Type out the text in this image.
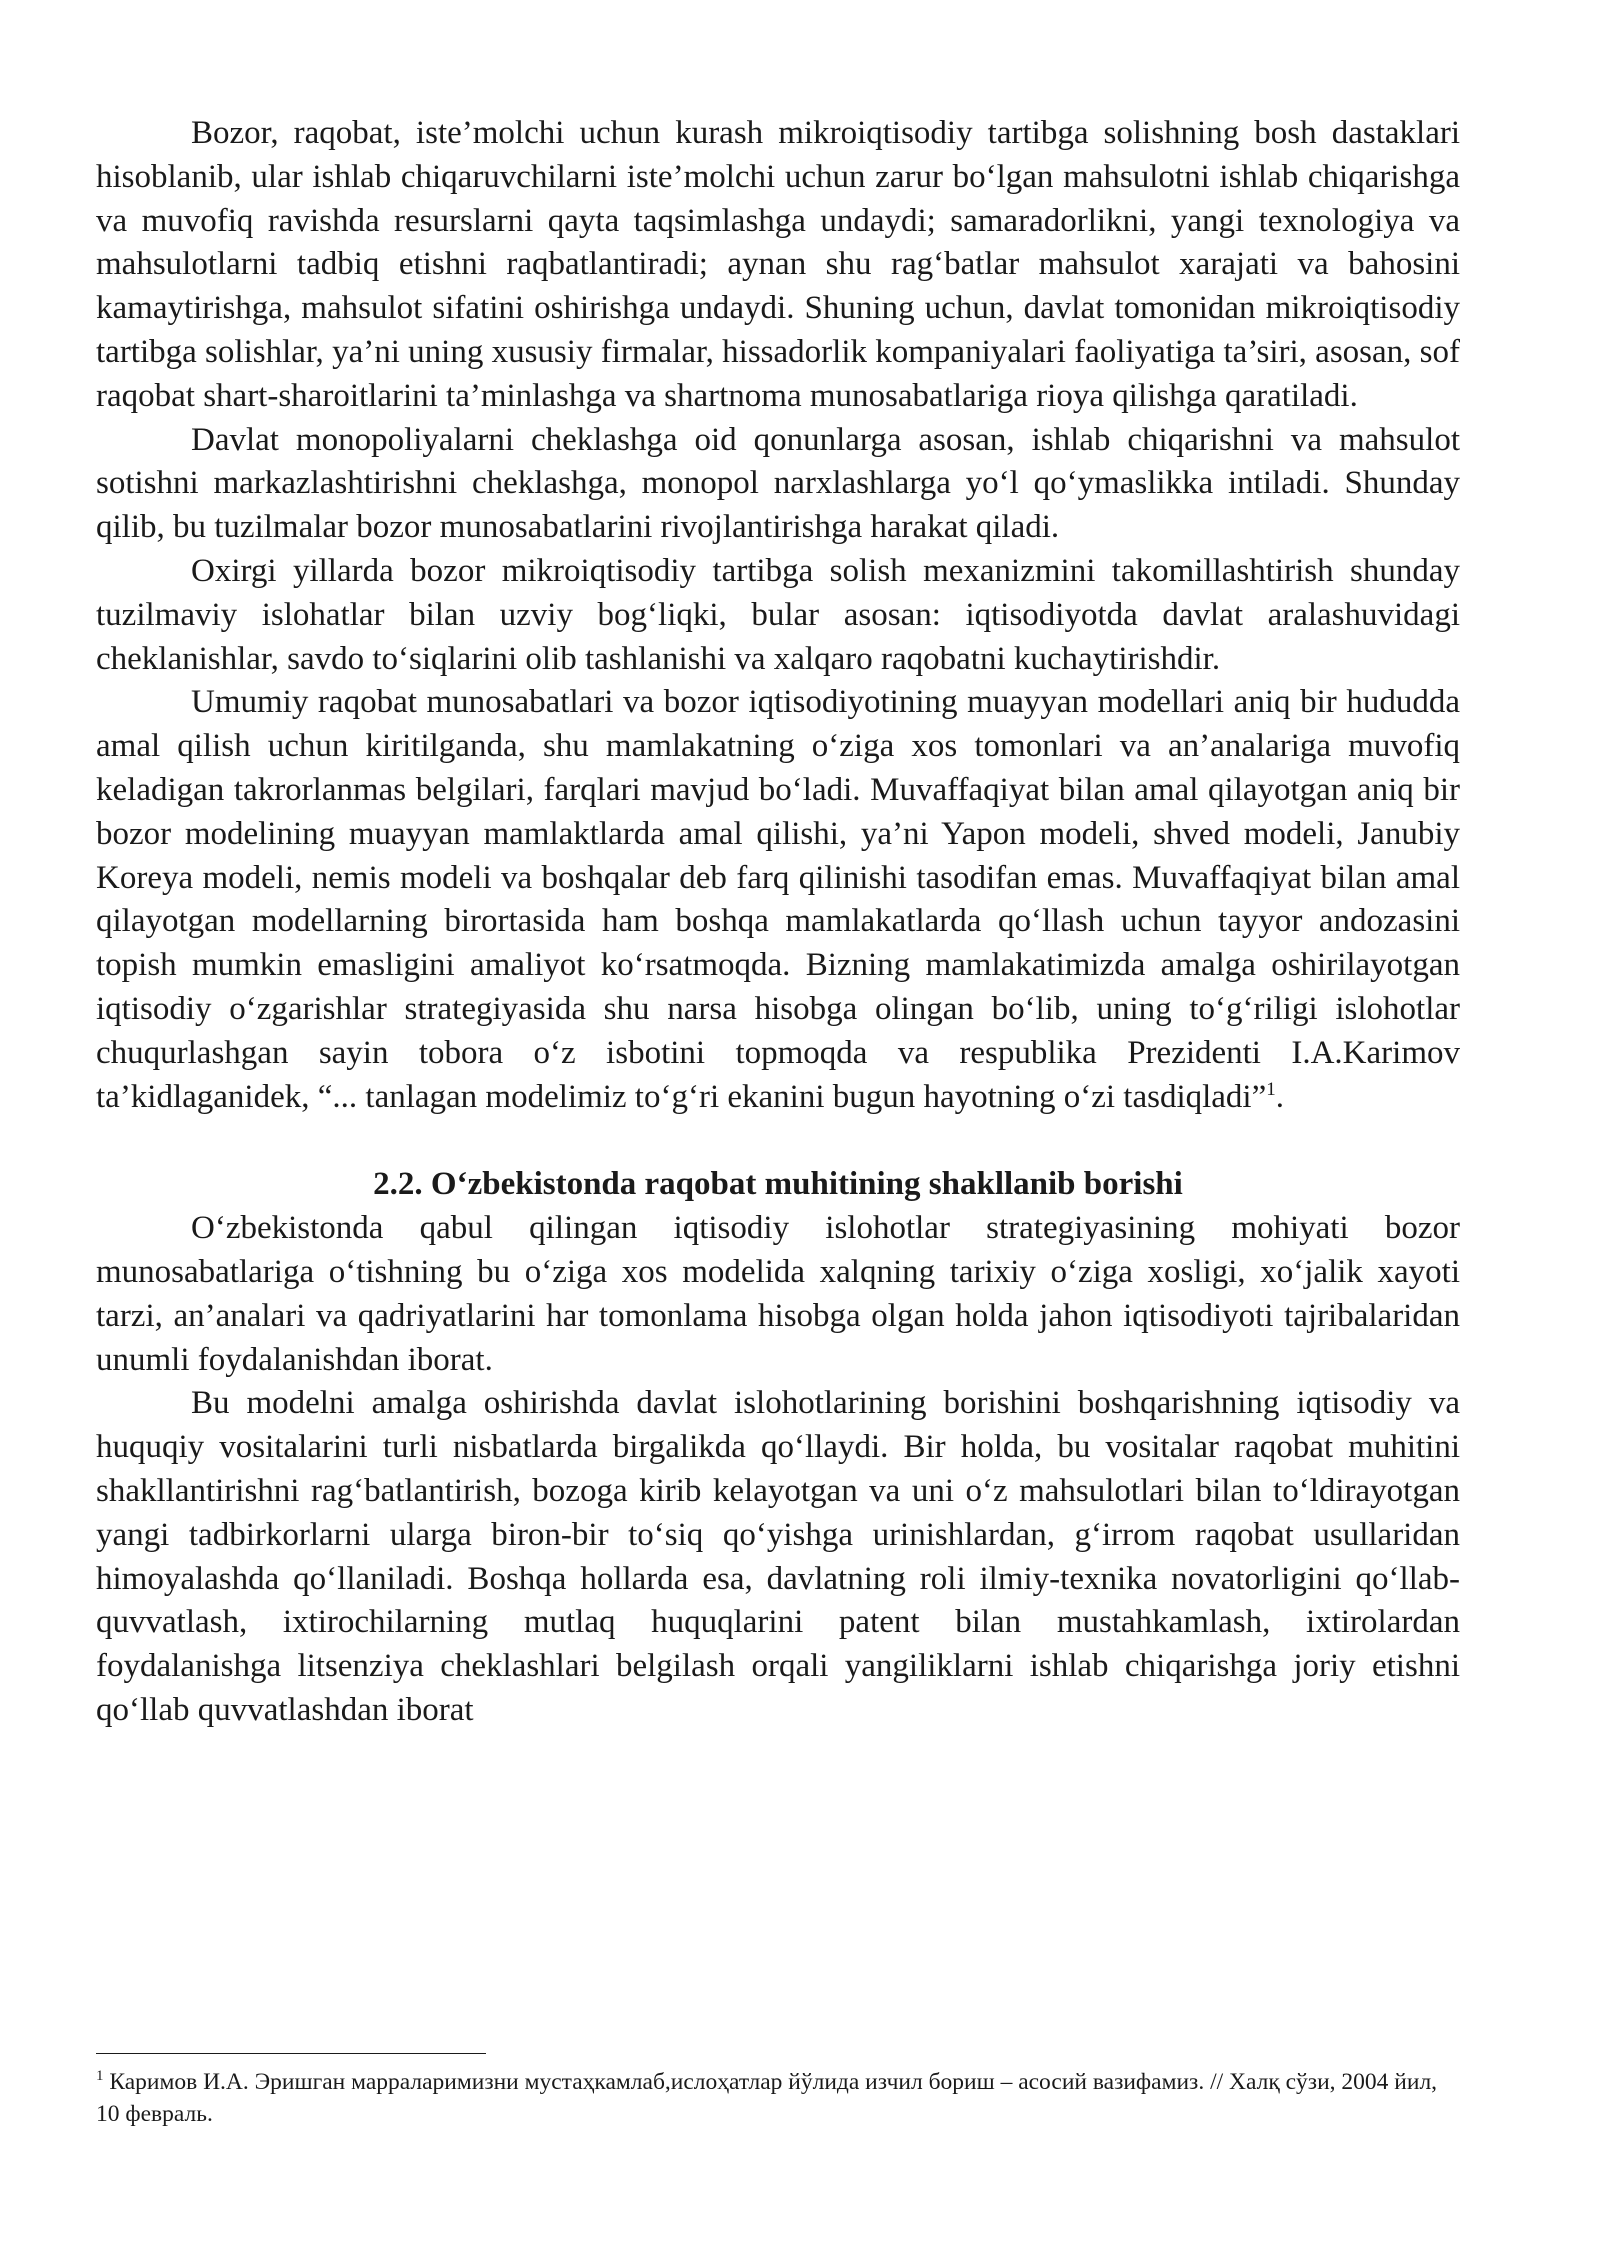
Bozor, raqobat, iste’molchi uchun kurash mikroiqtisodiy tartibga solishning bosh dastaklari hisoblanib, ular ishlab chiqaruvchilarni iste’molchi uchun zarur bo‘lgan mahsulotni ishlab chiqarishga va muvofiq ravishda resurslarni qayta taqsimlashga undaydi; samaradorlikni, yangi texnologiya va mahsulotlarni tadbiq etishni raqbatlantiradi; aynan shu rag‘batlar mahsulot xarajati va bahosini kamaytirishga, mahsulot sifatini oshirishga undaydi. Shuning uchun, davlat tomonidan mikroiqtisodiy tartibga solishlar, ya’ni uning xususiy firmalar, hissadorlik kompaniyalari faoliyatiga ta’siri, asosan, sof raqobat shart-sharoitlarini ta’minlashga va shartnoma munosabatlariga rioya qilishga qaratiladi.

Davlat monopoliyalarni cheklashga oid qonunlarga asosan, ishlab chiqarishni va mahsulot sotishni markazlashtirishni cheklashga, monopol narxlashlarga yo‘l qo‘ymaslikka intiladi. Shunday qilib, bu tuzilmalar bozor munosabatlarini rivojlantirishga harakat qiladi.

Oxirgi yillarda bozor mikroiqtisodiy tartibga solish mexanizmini takomillashtirish shunday tuzilmaviy islohatlar bilan uzviy bog‘liqki, bular asosan: iqtisodiyotda davlat aralashuvidagi cheklanishlar, savdo to‘siqlarini olib tashlanishi va xalqaro raqobatni kuchaytirishdir.

Umumiy raqobat munosabatlari va bozor iqtisodiyotining muayyan modellari aniq bir hududda amal qilish uchun kiritilganda, shu mamlakatning o‘ziga xos tomonlari va an’analariga muvofiq keladigan takrorlanmas belgilari, farqlari mavjud bo‘ladi. Muvaffaqiyat bilan amal qilayotgan aniq bir bozor modelining muayyan mamlaktlarda amal qilishi, ya’ni Yapon modeli, shved modeli, Janubiy Koreya modeli, nemis modeli va boshqalar deb farq qilinishi tasodifan emas. Muvaffaqiyat bilan amal qilayotgan modellarning birortasida ham boshqa mamlakatlarda qo‘llash uchun tayyor andozasini topish mumkin emasligini amaliyot ko‘rsatmoqda. Bizning mamlakatimizda amalga oshirilayotgan iqtisodiy o‘zgarishlar strategiyasida shu narsa hisobga olingan bo‘lib, uning to‘g‘riligi islohotlar chuqurlashgan sayin tobora o‘z isbotini topmoqda va respublika Prezidenti I.A.Karimov ta’kidlaganidek, “... tanlagan modelimiz to‘g‘ri ekanini bugun hayotning o‘zi tasdiqladi”$^1$.

2.2. O‘zbekistonda raqobat muhitining shakllanib borishi

O‘zbekistonda qabul qilingan iqtisodiy islohotlar strategiyasining mohiyati bozor munosabatlariga o‘tishning bu o‘ziga xos modelida xalqning tarixiy o‘ziga xosligi, xo‘jalik xayoti tarzi, an’analari va qadriyatlarini har tomonlama hisobga olgan holda jahon iqtisodiyoti tajribalaridan unumli foydalanishdan iborat.

Bu modelni amalga oshirishda davlat islohotlarining borishini boshqarishning iqtisodiy va huquqiy vositalarini turli nisbatlarda birgalikda qo‘llaydi. Bir holda, bu vositalar raqobat muhitini shakllantirishni rag‘batlantirish, bozoga kirib kelayotgan va uni o‘z mahsulotlari bilan to‘ldirayotgan yangi tadbirkorlarni ularga biron-bir to‘siq qo‘yishga urinishlardan, g‘irrom raqobat usullaridan himoyalashda qo‘llaniladi. Boshqa hollarda esa, davlatning roli ilmiy-texnika novatorligini qo‘llab-quvvatlash, ixtirochilarning mutlaq huquqlarini patent bilan mustahkamlash, ixtirolardan foydalanishga litsenziya cheklashlari belgilash orqali yangiliklarni ishlab chiqarishga joriy etishni qo‘llab quvvatlashdan iborat

$^1$ Каримов И.А. Эришган марраларимизни мустаҳкамлаб,ислоҳатлар йўлида изчил бориш – асосий вазифамиз. // Халқ сўзи, 2004 йил, 10 февраль.
